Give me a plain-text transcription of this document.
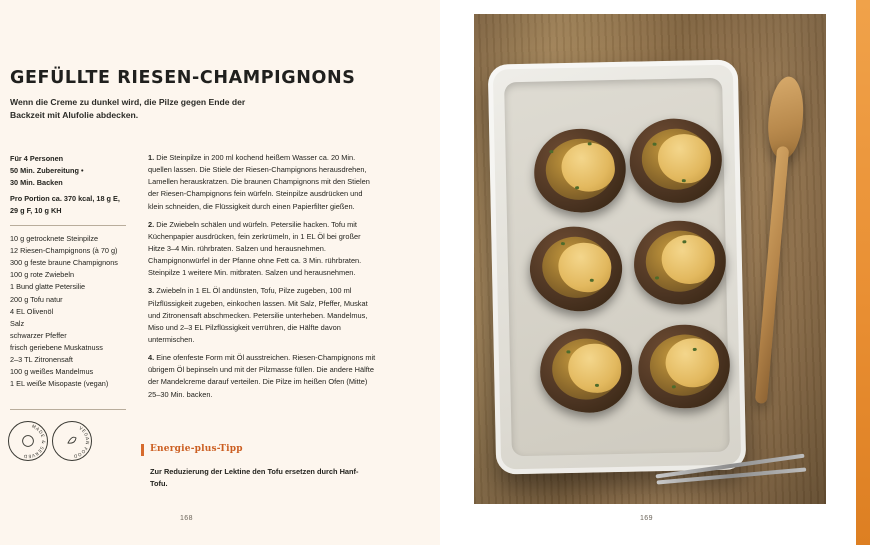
GEFÜLLTE RIESEN-CHAMPIGNONS
Wenn die Creme zu dunkel wird, die Pilze gegen Ende der Backzeit mit Alufolie abdecken.
Für 4 Personen
50 Min. Zubereitung •
30 Min. Backen
Pro Portion ca. 370 kcal, 18 g E,
29 g F, 10 g KH
10 g getrocknete Steinpilze
12 Riesen-Champignons (à 70 g)
300 g feste braune Champignons
100 g rote Zwiebeln
1 Bund glatte Petersilie
200 g Tofu natur
4 EL Olivenöl
Salz
schwarzer Pfeffer
frisch geriebene Muskatnuss
2–3 TL Zitronensaft
100 g weißes Mandelmus
1 EL weiße Misopaste (vegan)
MADE & SERVED
VEGAN FOOD

1. Die Steinpilze in 200 ml kochend heißem Wasser ca. 20 Min. quellen lassen. Die Stiele der Riesen-Champignons herausdrehen, Lamellen herauskratzen. Die braunen Champignons mit den Stielen der Riesen-Champignons fein würfeln. Steinpilze ausdrücken und klein schneiden, die Flüssigkeit durch einen Papierfilter gießen.

2. Die Zwiebeln schälen und würfeln. Petersilie hacken. Tofu mit Küchenpapier ausdrücken, fein zerkrümeln, in 1 EL Öl bei großer Hitze 3–4 Min. rührbraten. Salzen und herausnehmen. Champignonwürfel in der Pfanne ohne Fett ca. 3 Min. rührbraten. Steinpilze 1 weitere Min. mitbraten. Salzen und herausnehmen.

3. Zwiebeln in 1 EL Öl andünsten, Tofu, Pilze zugeben, 100 ml Pilzflüssigkeit zugeben, einkochen lassen. Mit Salz, Pfeffer, Muskat und Zitronensaft abschmecken. Petersilie unterheben. Mandelmus, Miso und 2–3 EL Pilzflüssigkeit verrühren, die Hälfte davon untermischen.

4. Eine ofenfeste Form mit Öl ausstreichen. Riesen-Champignons mit übrigem Öl bepinseln und mit der Pilzmasse füllen. Die andere Hälfte der Mandelcreme darauf verteilen. Die Pilze im heißen Ofen (Mitte) 25–30 Min. backen.

Energie-plus-Tipp
Zur Reduzierung der Lektine den Tofu ersetzen durch Hanf-Tofu.
168	169
